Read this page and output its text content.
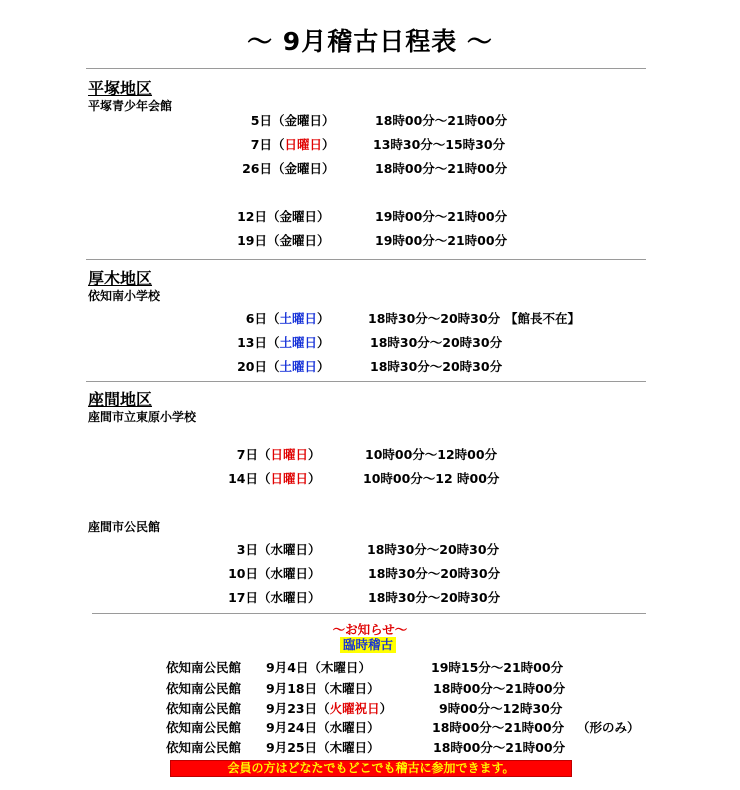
～ 9月稽古日程表 ～
平塚地区
平塚青少年会館
5日 （金曜日）	18時00分～21時00分
7日 （日曜日）	13時30分～15時30分
26日 （金曜日）	18時00分～21時00分
12日 （金曜日）	19時00分～21時00分
19日 （金曜日）	19時00分～21時00分
6日 （土曜日）	18時30分～20時30分 【館長不在】
13日 （土曜日）	18時30分～20時30分
20日 （土曜日）	18時30分～20時30分
7日 （日曜日）	10時00分～12時00分
14日 （日曜日）	10時00分～12 時00分
3日 （水曜日）	18時30分～20時30分
10日 （水曜日）	18時30分～20時30分
17日 （水曜日）	18時30分～20時30分
厚木地区
依知南小学校
座間地区
座間市立東原小学校
座間市公民館
～お知らせ～
臨時稽古
依知南公民館 9月4日（木曜日）	19時15分～21時00分
依知南公民館 9月18日（木曜日）	18時00分～21時00分
依知南公民館 9月23日（火曜祝日）	9時00分～12時30分
依知南公民館 9月24日（水曜日）	18時00分～21時00分 （形のみ）
依知南公民館 9月25日（木曜日）	18時00分～21時00分
会員の方はどなたでもどこでも稽古に参加できます。
